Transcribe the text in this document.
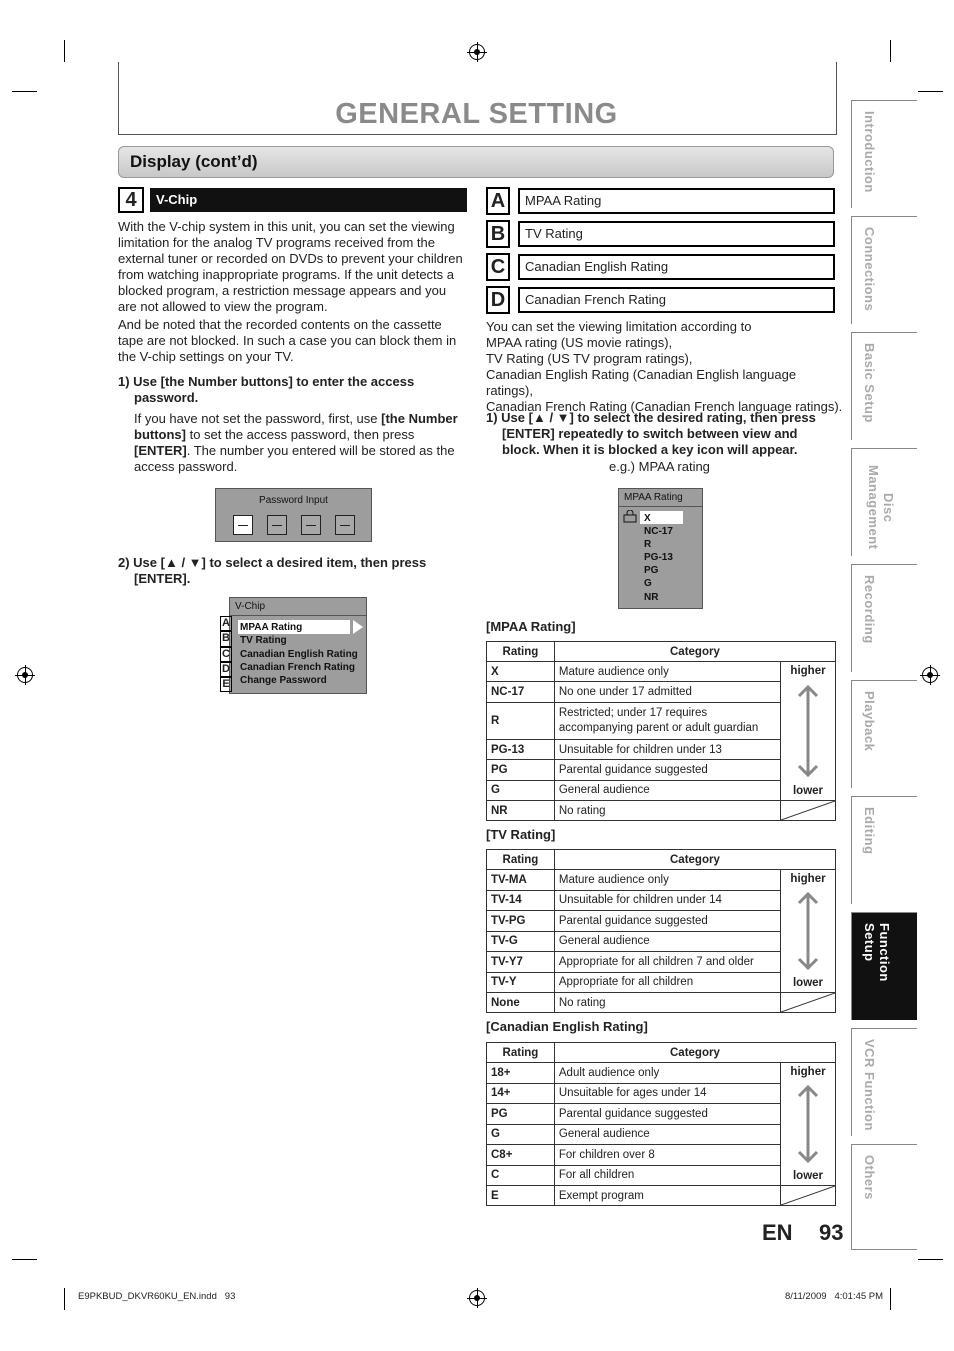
GENERAL SETTING
Display (cont’d)
4	V-Chip
With the V-chip system in this unit, you can set the viewing limitation for the analog TV programs received from the external tuner or recorded on DVDs to prevent your children from watching inappropriate programs. If the unit detects a blocked program, a restriction message appears and you are not allowed to view the program.
And be noted that the recorded contents on the cassette tape are not blocked. In such a case you can block them in the V-chip settings on your TV.
1) Use [the Number buttons] to enter the access password.
If you have not set the password, first, use [the Number buttons] to set the access password, then press [ENTER]. The number you entered will be stored as the access password.
Password Input
2) Use [▲ / ▼] to select a desired item, then press [ENTER].
V-Chip
MPAA Rating
TV Rating
Canadian English Rating
Canadian French Rating
Change Password
A
B
C
D
E
A	MPAA Rating
B	TV Rating
C	Canadian English Rating
D	Canadian French Rating
You can set the viewing limitation according to
MPAA rating (US movie ratings),
TV Rating (US TV program ratings),
Canadian English Rating (Canadian English language ratings),
Canadian French Rating (Canadian French language ratings).
1) Use [▲ / ▼] to select the desired rating, then press [ENTER] repeatedly to switch between view and block. When it is blocked a key icon will appear.
e.g.) MPAA rating
MPAA Rating
X
NC-17
R
PG-13
PG
G
NR
[MPAA Rating]
Rating	Category	
X	Mature audience only	higher
lower

NC-17	No one under 17 admitted	
R	Restricted; under 17 requires accompanying parent or adult guardian	
PG-13	Unsuitable for children under 13	
PG	Parental guidance suggested	
G	General audience	
NR	No rating	
[TV Rating]
Rating	Category	
TV-MA	Mature audience only	higher
lower

TV-14	Unsuitable for children under 14	
TV-PG	Parental guidance suggested	
TV-G	General audience	
TV-Y7	Appropriate for all children 7 and older	
TV-Y	Appropriate for all children	
None	No rating	
[Canadian English Rating]
Rating	Category	
18+	Adult audience only	higher
lower

14+	Unsuitable for ages under 14	
PG	Parental guidance suggested	
G	General audience	
C8+	For children over 8	
C	For all children	
E	Exempt program	
Introduction
Connections
Basic Setup
Disc Management
Recording
Playback
Editing
Function Setup
VCR Function
Others
EN 93
E9PKBUD_DKVR60KU_EN.indd   93	8/11/2009   4:01:45 PM
